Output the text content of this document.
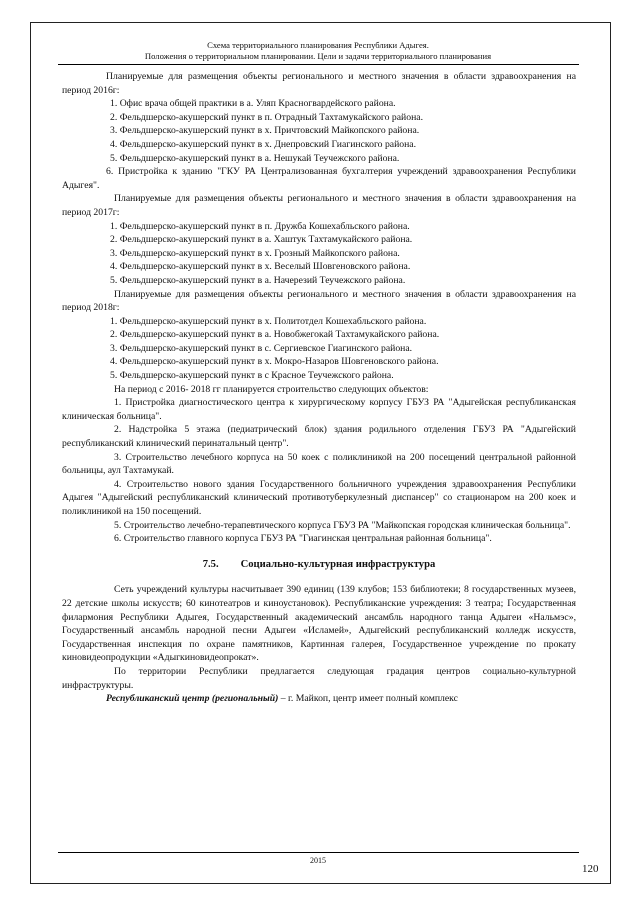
Схема территориального планирования Республики Адыгея.
Положения о территориальном планировании. Цели и задачи территориального планирования

Планируемые для размещения объекты регионального и местного значения в области здравоохранения на период 2016г:

1. Офис врача общей практики в а. Уляп Красногвардейского района.

2. Фельдшерско-акушерский пункт в п. Отрадный Тахтамукайского района.

3. Фельдшерско-акушерский пункт в х. Причтовский Майкопского района.

4. Фельдшерско-акушерский пункт в х. Днепровский Гиагинского района.

5. Фельдшерско-акушерский пункт в а. Нешукай Теучежского района.

6. Пристройка к зданию "ГКУ РА Централизованная бухгалтерия учреждений здравоохранения Республики Адыгея".

Планируемые для размещения объекты регионального и местного значения в области здравоохранения на период 2017г:

1. Фельдшерско-акушерский пункт в п. Дружба Кошехабльского района.

2. Фельдшерско-акушерский пункт в а. Хаштук Тахтамукайского района.

3. Фельдшерско-акушерский пункт в х. Грозный Майкопского района.

4. Фельдшерско-акушерский пункт в х. Веселый Шовгеновского района.

5. Фельдшерско-акушерский пункт в а. Начерезий Теучежского района.

Планируемые для размещения объекты регионального и местного значения в области здравоохранения на период 2018г:

1. Фельдшерско-акушерский пункт в х. Политотдел Кошехабльского района.

2. Фельдшерско-акушерский пункт в а. Новобжегокай Тахтамукайского района.

3. Фельдшерско-акушерский пункт в с. Сергиевское Гиагинского района.

4. Фельдшерско-акушерский пункт в х. Мокро-Назаров Шовгеновского района.

5. Фельдшерско-акушерский пункт в с Красное Теучежского района.

На период с 2016- 2018 гг планируется строительство следующих объектов:

1. Пристройка диагностического центра к хирургическому корпусу ГБУЗ РА "Адыгейская республиканская клиническая больница".

2. Надстройка 5 этажа (педиатрический блок) здания родильного отделения ГБУЗ РА "Адыгейский республиканский клинический перинатальный центр".

3. Строительство лечебного корпуса на 50 коек с поликлиникой на 200 посещений центральной районной больницы, аул Тахтамукай.

4. Строительство нового здания Государственного больничного учреждения здравоохранения Республики Адыгея "Адыгейский республиканский клинический противотуберкулезный диспансер" со стационаром на 200 коек и поликлиникой на 150 посещений.

5. Строительство лечебно-терапевтического корпуса ГБУЗ РА "Майкопская городская клиническая больница".

6. Строительство главного корпуса ГБУЗ РА "Гиагинская центральная районная больница".

7.5. Социально-культурная инфраструктура

Сеть учреждений культуры насчитывает 390 единиц (139 клубов; 153 библиотеки; 8 государственных музеев, 22 детские школы искусств; 60 кинотеатров и киноустановок). Республиканские учреждения: 3 театра; Государственная филармония Республики Адыгея, Государственный академический ансамбль народного танца Адыгеи «Нальмэс», Государственный ансамбль народной песни Адыгеи «Исламей», Адыгейский республиканский колледж искусств, Государственная инспекция по охране памятников, Картинная галерея, Государственное учреждение по прокату киновидеопродукции «Адыгкиновидеопрокат».

По территории Республики предлагается следующая градация центров социально-культурной инфраструктуры.

Республиканский центр (региональный) – г. Майкоп, центр имеет полный комплекс

2015
120
